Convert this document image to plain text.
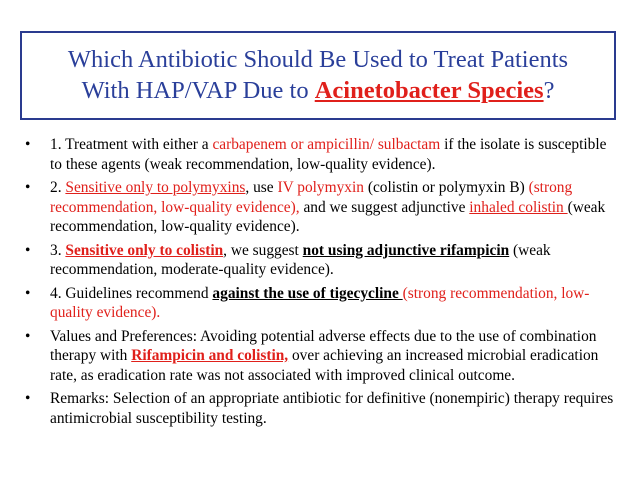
Which Antibiotic Should Be Used to Treat Patients
With HAP/VAP Due to Acinetobacter Species?
• 1. Treatment with either a carbapenem or ampicillin/ sulbactam if the isolate is susceptible to these agents (weak recommendation, low-quality evidence).
• 2. Sensitive only to polymyxins, use IV polymyxin (colistin or polymyxin B) (strong recommendation, low-quality evidence), and we suggest adjunctive inhaled colistin (weak recommendation, low-quality evidence).
• 3. Sensitive only to colistin, we suggest not using adjunctive rifampicin (weak recommendation, moderate-quality evidence).
• 4. Guidelines recommend against the use of tigecycline (strong recommendation, low-quality evidence).
• Values and Preferences: Avoiding potential adverse effects due to the use of combination therapy with Rifampicin and colistin, over achieving an increased microbial eradication rate, as eradication rate was not associated with improved clinical outcome.
• Remarks: Selection of an appropriate antibiotic for definitive (nonempiric) therapy requires antimicrobial susceptibility testing.
